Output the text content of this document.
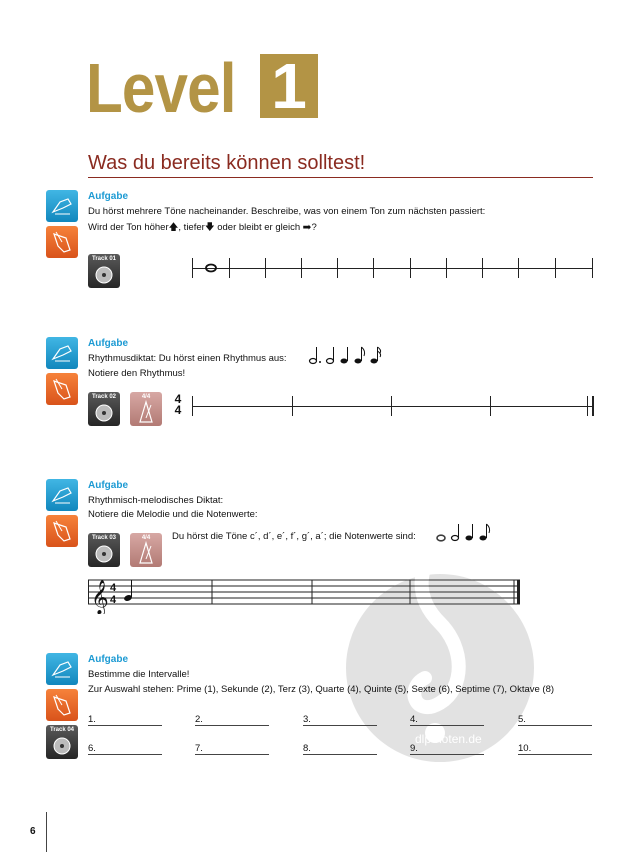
Level 1
Was du bereits können solltest!
Aufgabe
Du hörst mehrere Töne nacheinander. Beschreibe, was von einem Ton zum nächsten passiert:
Wird der Ton höher🡅, tiefer🡇 oder bleibt er gleich ➡?
Track 01
Aufgabe
Rhythmusdiktat: Du hörst einen Rhythmus aus:
Notiere den Rhythmus!
Track 02	4/4	4
4
Aufgabe
Rhythmisch-melodisches Diktat:
Notiere die Melodie und die Notenwerte:
Track 03	4/4	Du hörst die Töne c´, d´, e´, f´, g´, a´; die Notenwerte sind:
𝄞 4
4
dlp-noten.de
Track 04
Aufgabe
Bestimme die Intervalle!
Zur Auswahl stehen: Prime (1), Sekunde (2), Terz (3), Quarte (4), Quinte (5), Sexte (6), Septime (7), Oktave (8)
1.	2.	3.	4.	5.
6.	7.	8.	9.	10.
6
